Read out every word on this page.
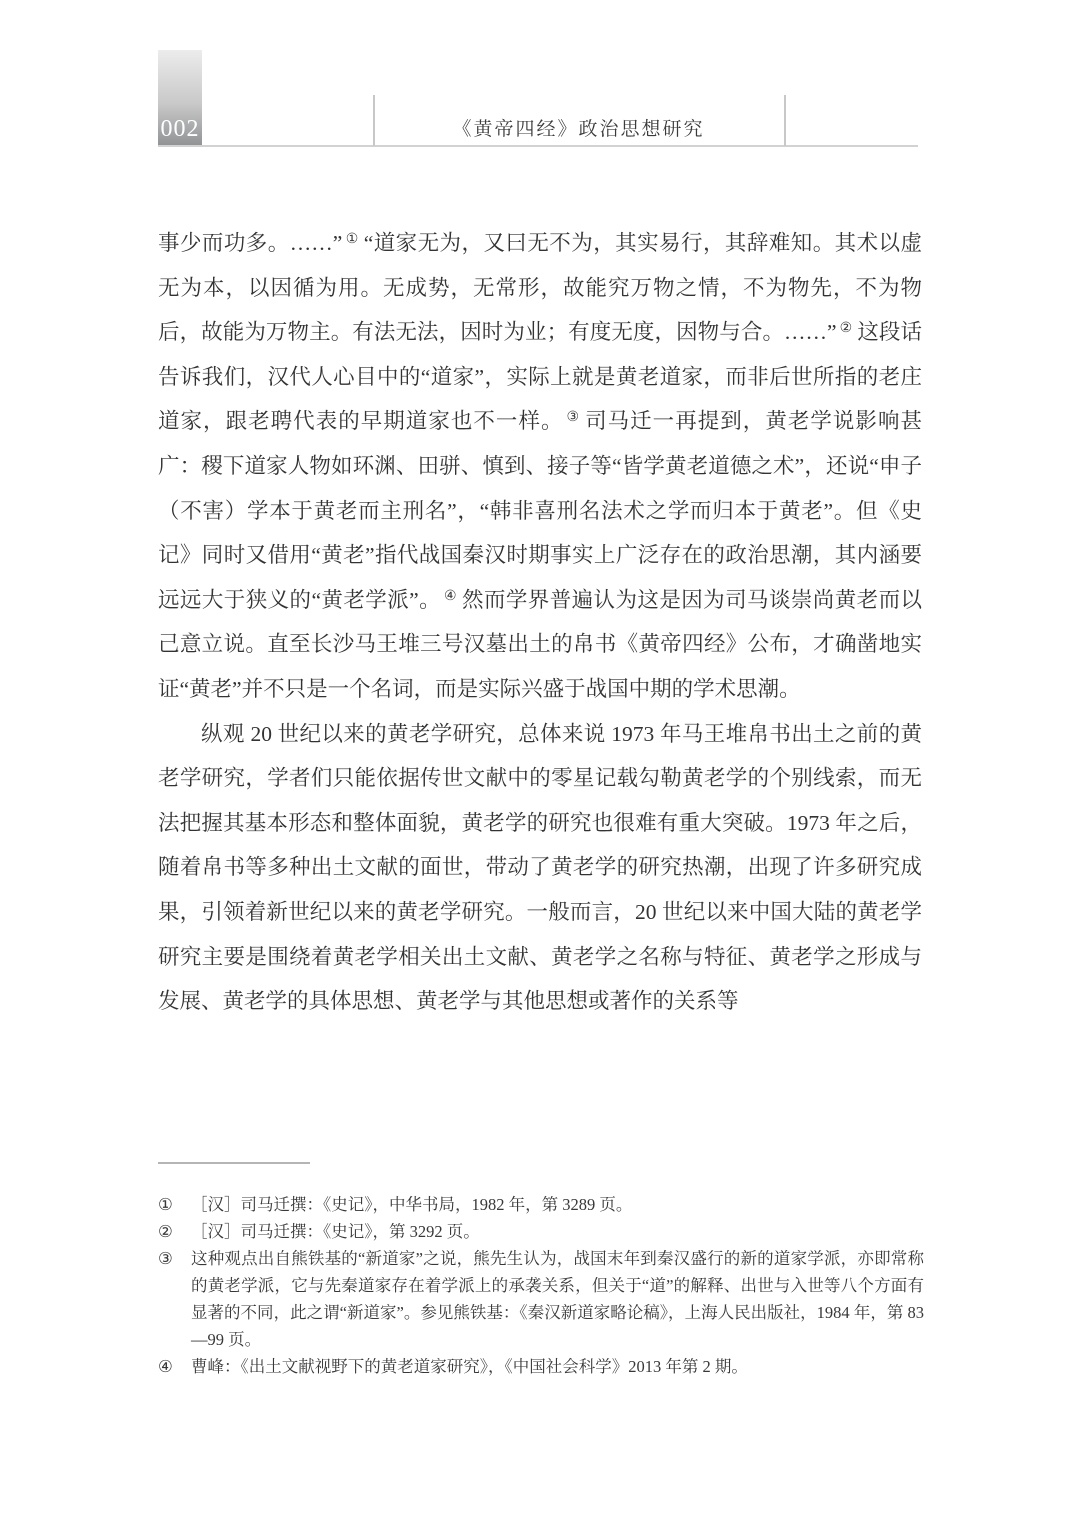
002	《黄帝四经》政治思想研究

事少而功多。……” ① “道家无为，又曰无不为，其实易行，其辞难知。其术以虚无为本，以因循为用。无成势，无常形，故能究万物之情，不为物先，不为物后，故能为万物主。有法无法，因时为业；有度无度，因物与合。……” ② 这段话告诉我们，汉代人心目中的“道家”，实际上就是黄老道家，而非后世所指的老庄道家，跟老聘代表的早期道家也不一样。 ③ 司马迁一再提到，黄老学说影响甚广：稷下道家人物如环渊、田骈、慎到、接子等“皆学黄老道德之术”，还说“申子（不害）学本于黄老而主刑名”，“韩非喜刑名法术之学而归本于黄老”。但《史记》同时又借用“黄老”指代战国秦汉时期事实上广泛存在的政治思潮，其内涵要远远大于狭义的“黄老学派”。 ④ 然而学界普遍认为这是因为司马谈崇尚黄老而以己意立说。直至长沙马王堆三号汉墓出土的帛书《黄帝四经》公布，才确凿地实证“黄老”并不只是一个名词，而是实际兴盛于战国中期的学术思潮。

纵观 20 世纪以来的黄老学研究，总体来说 1973 年马王堆帛书出土之前的黄老学研究，学者们只能依据传世文献中的零星记载勾勒黄老学的个别线索，而无法把握其基本形态和整体面貌，黄老学的研究也很难有重大突破。1973 年之后，随着帛书等多种出土文献的面世，带动了黄老学的研究热潮，出现了许多研究成果，引领着新世纪以来的黄老学研究。一般而言，20 世纪以来中国大陆的黄老学研究主要是围绕着黄老学相关出土文献、黄老学之名称与特征、黄老学之形成与发展、黄老学的具体思想、黄老学与其他思想或著作的关系等

① ［汉］司马迁撰：《史记》，中华书局，1982 年，第 3289 页。
② ［汉］司马迁撰：《史记》，第 3292 页。
③ 这种观点出自熊铁基的“新道家”之说，熊先生认为，战国末年到秦汉盛行的新的道家学派，亦即常称的黄老学派，它与先秦道家存在着学派上的承袭关系，但关于“道”的解释、出世与入世等八个方面有显著的不同，此之谓“新道家”。参见熊铁基：《秦汉新道家略论稿》，上海人民出版社，1984 年，第 83—99 页。
④ 曹峰：《出土文献视野下的黄老道家研究》，《中国社会科学》2013 年第 2 期。
